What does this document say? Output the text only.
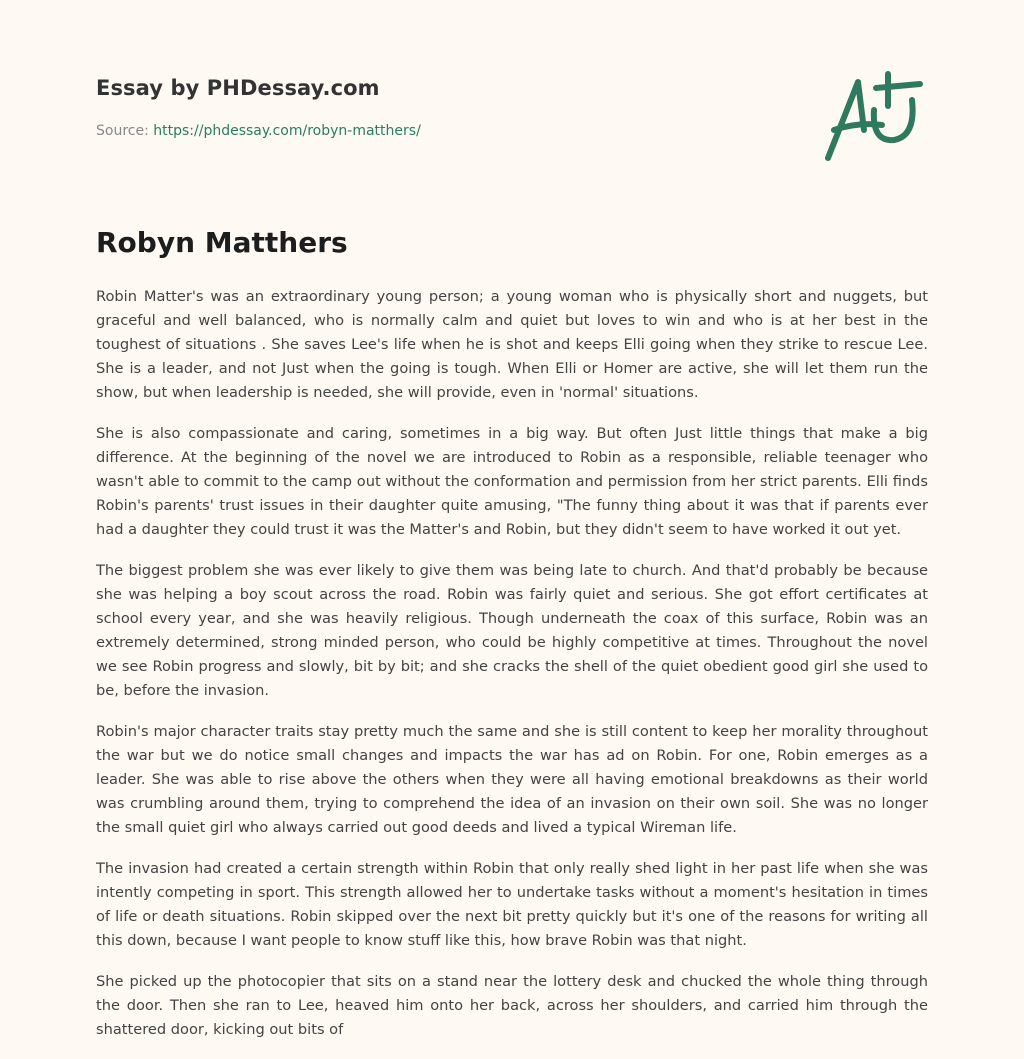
Essay by PHDessay.com

Source: https://phdessay.com/robyn-matthers/
Robyn Matthers

Robin Matter's was an extraordinary young person; a young woman who is physically short and nuggets, but graceful and well balanced, who is normally calm and quiet but loves to win and who is at her best in the toughest of situations . She saves Lee's life when he is shot and keeps Elli going when they strike to rescue Lee. She is a leader, and not Just when the going is tough. When Elli or Homer are active, she will let them run the show, but when leadership is needed, she will provide, even in 'normal' situations.

She is also compassionate and caring, sometimes in a big way. But often Just little things that make a big difference. At the beginning of the novel we are introduced to Robin as a responsible, reliable teenager who wasn't able to commit to the camp out without the conformation and permission from her strict parents. Elli finds Robin's parents' trust issues in their daughter quite amusing, "The funny thing about it was that if parents ever had a daughter they could trust it was the Matter's and Robin, but they didn't seem to have worked it out yet.

The biggest problem she was ever likely to give them was being late to church. And that'd probably be because she was helping a boy scout across the road. Robin was fairly quiet and serious. She got effort certificates at school every year, and she was heavily religious. Though underneath the coax of this surface, Robin was an extremely determined, strong minded person, who could be highly competitive at times. Throughout the novel we see Robin progress and slowly, bit by bit; and she cracks the shell of the quiet obedient good girl she used to be, before the invasion.

Robin's major character traits stay pretty much the same and she is still content to keep her morality throughout the war but we do notice small changes and impacts the war has ad on Robin. For one, Robin emerges as a leader. She was able to rise above the others when they were all having emotional breakdowns as their world was crumbling around them, trying to comprehend the idea of an invasion on their own soil. She was no longer the small quiet girl who always carried out good deeds and lived a typical Wireman life.

The invasion had created a certain strength within Robin that only really shed light in her past life when she was intently competing in sport. This strength allowed her to undertake tasks without a moment's hesitation in times of life or death situations. Robin skipped over the next bit pretty quickly but it's one of the reasons for writing all this down, because I want people to know stuff like this, how brave Robin was that night.

She picked up the photocopier that sits on a stand near the lottery desk and chucked the whole thing through the door. Then she ran to Lee, heaved him onto her back, across her shoulders, and carried him through the shattered door, kicking out bits of
